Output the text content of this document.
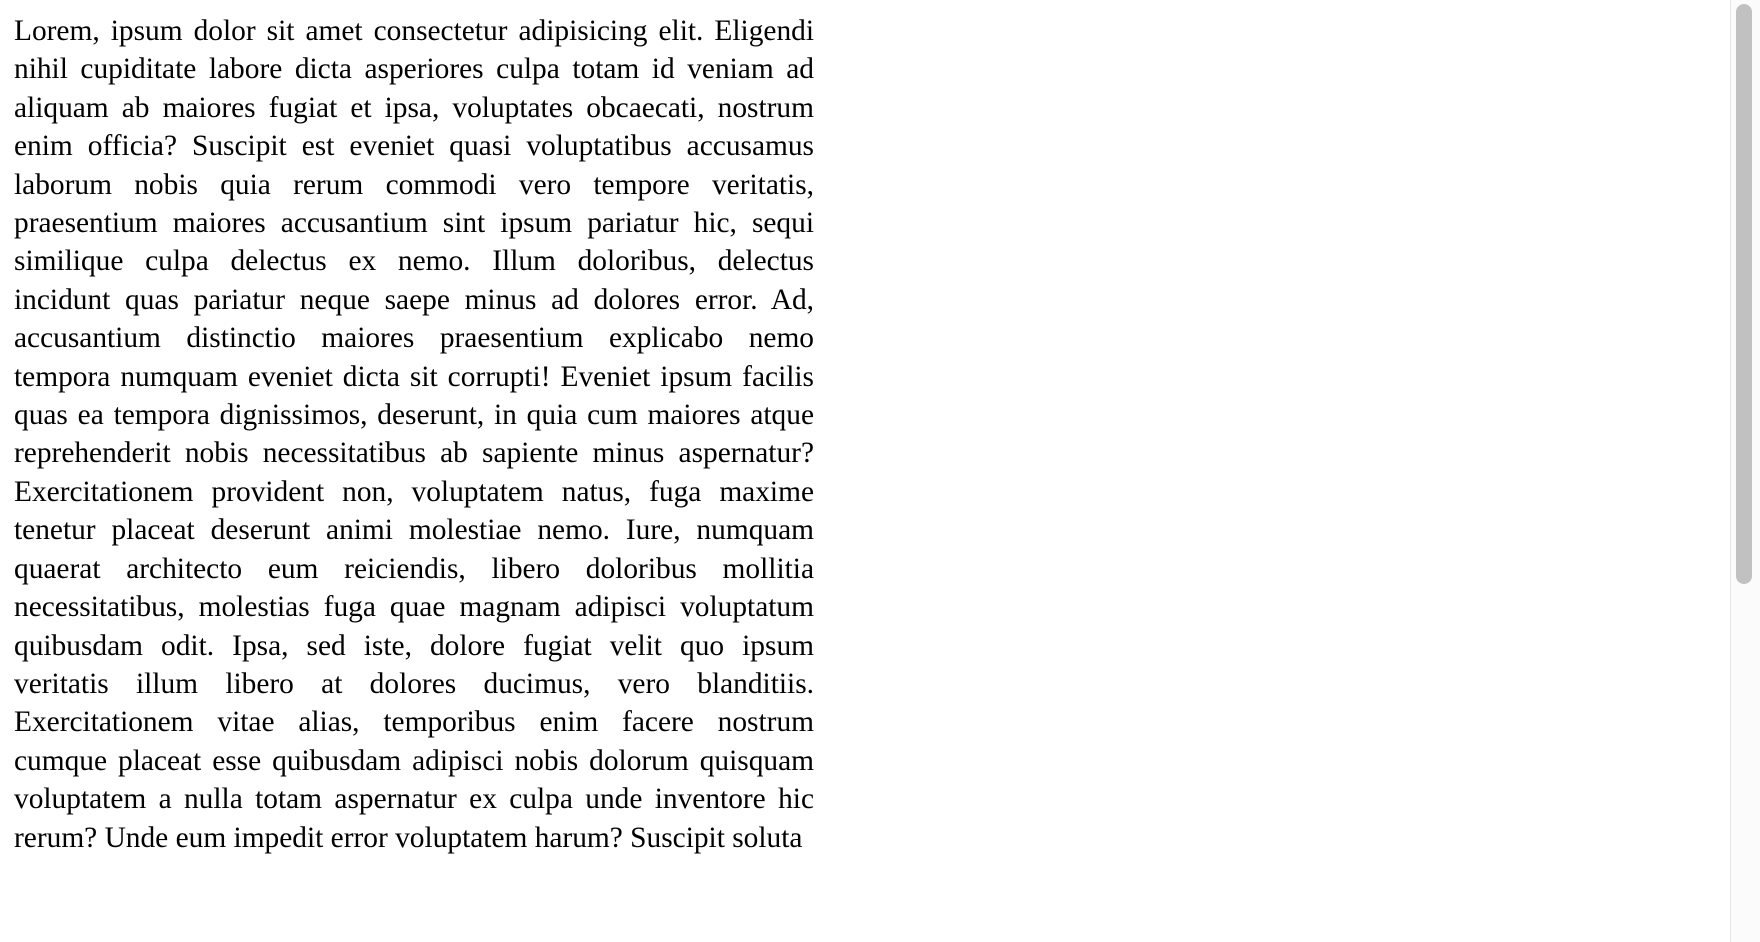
Lorem, ipsum dolor sit amet consectetur adipisicing elit. Eligendi nihil cupiditate labore dicta asperiores culpa totam id veniam ad aliquam ab maiores fugiat et ipsa, voluptates obcaecati, nostrum enim officia? Suscipit est eveniet quasi voluptatibus accusamus laborum nobis quia rerum commodi vero tempore veritatis, praesentium maiores accusantium sint ipsum pariatur hic, sequi similique culpa delectus ex nemo. Illum doloribus, delectus incidunt quas pariatur neque saepe minus ad dolores error. Ad, accusantium distinctio maiores praesentium explicabo nemo tempora numquam eveniet dicta sit corrupti! Eveniet ipsum facilis quas ea tempora dignissimos, deserunt, in quia cum maiores atque reprehenderit nobis necessitatibus ab sapiente minus aspernatur? Exercitationem provident non, voluptatem natus, fuga maxime tenetur placeat deserunt animi molestiae nemo. Iure, numquam quaerat architecto eum reiciendis, libero doloribus mollitia necessitatibus, molestias fuga quae magnam adipisci voluptatum quibusdam odit. Ipsa, sed iste, dolore fugiat velit quo ipsum veritatis illum libero at dolores ducimus, vero blanditiis. Exercitationem vitae alias, temporibus enim facere nostrum cumque placeat esse quibusdam adipisci nobis dolorum quisquam voluptatem a nulla totam aspernatur ex culpa unde inventore hic rerum? Unde eum impedit error voluptatem harum? Suscipit soluta
